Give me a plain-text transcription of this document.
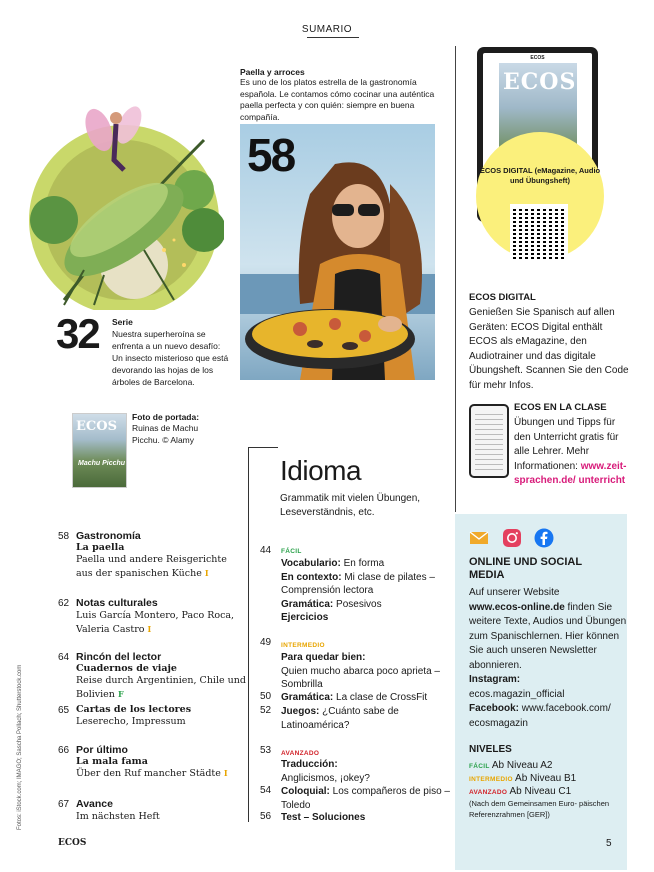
SUMARIO
ECOS
ECOS
ECOS DIGITAL (eMagazine, Audio und Übungsheft)
ECOS DIGITAL
Genießen Sie Spanisch auf allen Geräten: ECOS Digital enthält ECOS als eMagazine, den Audiotrainer und das digitale Übungsheft. Scannen Sie den Code für mehr Infos.
ECOS EN LA CLASE
Übungen und Tipps für den Unterricht gratis für alle Lehrer. Mehr Informationen: www.zeit-sprachen.de/ unterricht
ONLINE UND SOCIAL MEDIA
Auf unserer Website
www.ecos-online.de finden Sie weitere Texte, Audios und Übungen zum Spanischlernen. Hier können Sie auch unseren Newsletter abonnieren.
Instagram:
ecos.magazin_official
Facebook: www.facebook.com/ ecosmagazin
NIVELES
FÁCIL Ab Niveau A2
INTERMEDIO Ab Niveau B1
AVANZADO Ab Niveau C1
(Nach dem Gemeinsamen Euro- päischen Referenzrahmen [GER])
32 Serie
Nuestra superheroína se enfrenta a un nuevo desafío: Un insecto misterioso que está devorando las hojas de los árboles de Barcelona.
Paella y arroces
Es uno de los platos estrella de la gastronomía española. Le contamos cómo cocinar una auténtica paella perfecta y con quién: siempre en buena compañía.
58
ECOS
Machu Picchu
Foto de portada:
Ruinas de Machu Picchu. © Alamy
Idioma
Grammatik mit vielen Übungen, Leseverständnis, etc.
58 Gastronomía
La paella
Paella und andere Reisgerichte aus der spanischen Küche I
62 Notas culturales
Luis García Montero, Paco Roca, Valeria Castro I
64 Rincón del lector
Cuadernos de viaje
Reise durch Argentinien, Chile und Bolivien F
65 Cartas de los lectores
Leserecho, Impressum
66 Por último
La mala fama
Über den Ruf mancher Städte I
67 Avance
Im nächsten Heft
44	FÁCIL
Vocabulario: En forma
En contexto: Mi clase de pilates – Comprensión lectora
Gramática: Posesivos
Ejercicios
49	INTERMEDIO
Para quedar bien:
Quien mucho abarca poco aprieta – Sombrilla
50 Gramática: La clase de CrossFit
52 Juegos: ¿Cuánto sabe de Latinoamérica?
53	AVANZADO
Traducción:
Anglicismos, ¡okey?
54 Coloquial: Los compañeros de piso – Toledo
56 Test – Soluciones
Fotos: iStock.com; IMAGO; Sascha Pollach; Shutterstock.com
ECOS	5
